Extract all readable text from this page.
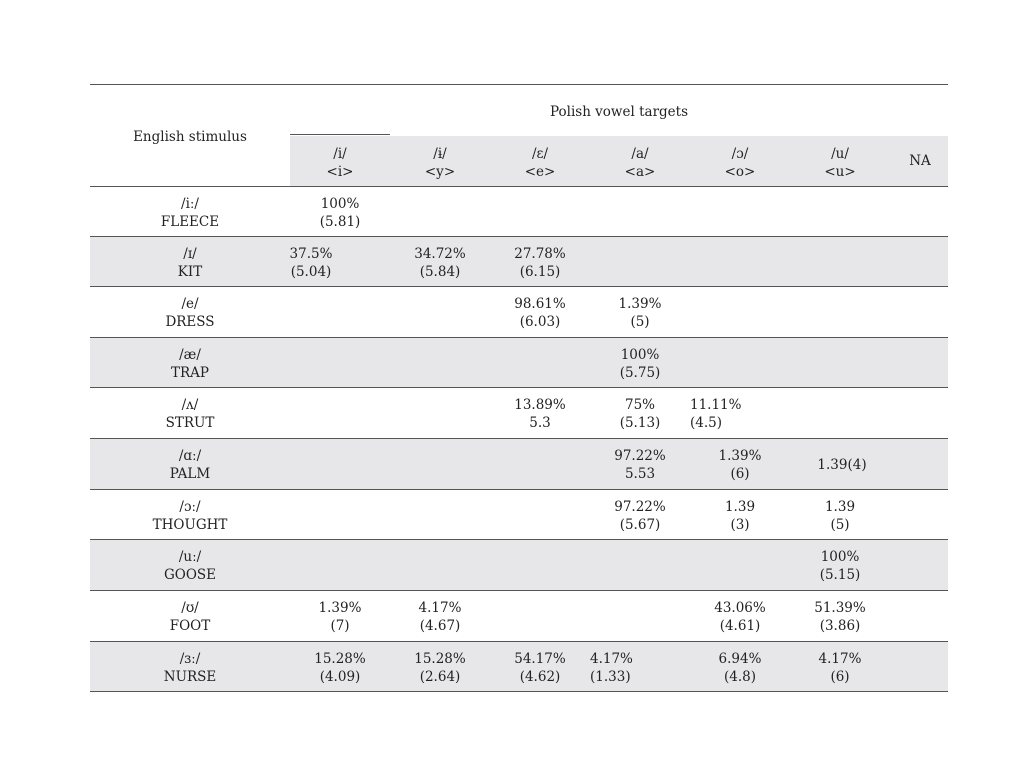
Polish vowel targets
English stimulus
/i/
<i>
/ɨ/
<y>
/ɛ/
<e>
/a/
<a>
/ɔ/
<o>
/u/
<u>
NA
/iː/
FLEECE
100%
(5.81)
/ɪ/
KIT
37.5%
(5.04)
34.72%
(5.84)
27.78%
(6.15)
/e/
DRESS
98.61%
(6.03)
1.39%
(5)
/æ/
TRAP
100%
(5.75)
/ʌ/
STRUT
13.89%
5.3
75%
(5.13)
11.11%
(4.5)
/ɑː/
PALM
97.22%
5.53
1.39%
(6)
1.39(4)
/ɔː/
THOUGHT
97.22%
(5.67)
1.39
(3)
1.39
(5)
/uː/
GOOSE
100%
(5.15)
/ʊ/
FOOT
1.39%
(7)
4.17%
(4.67)
43.06%
(4.61)
51.39%
(3.86)
/ɜː/
NURSE
15.28%
(4.09)
15.28%
(2.64)
54.17%
(4.62)
4.17%
(1.33)
6.94%
(4.8)
4.17%
(6)
